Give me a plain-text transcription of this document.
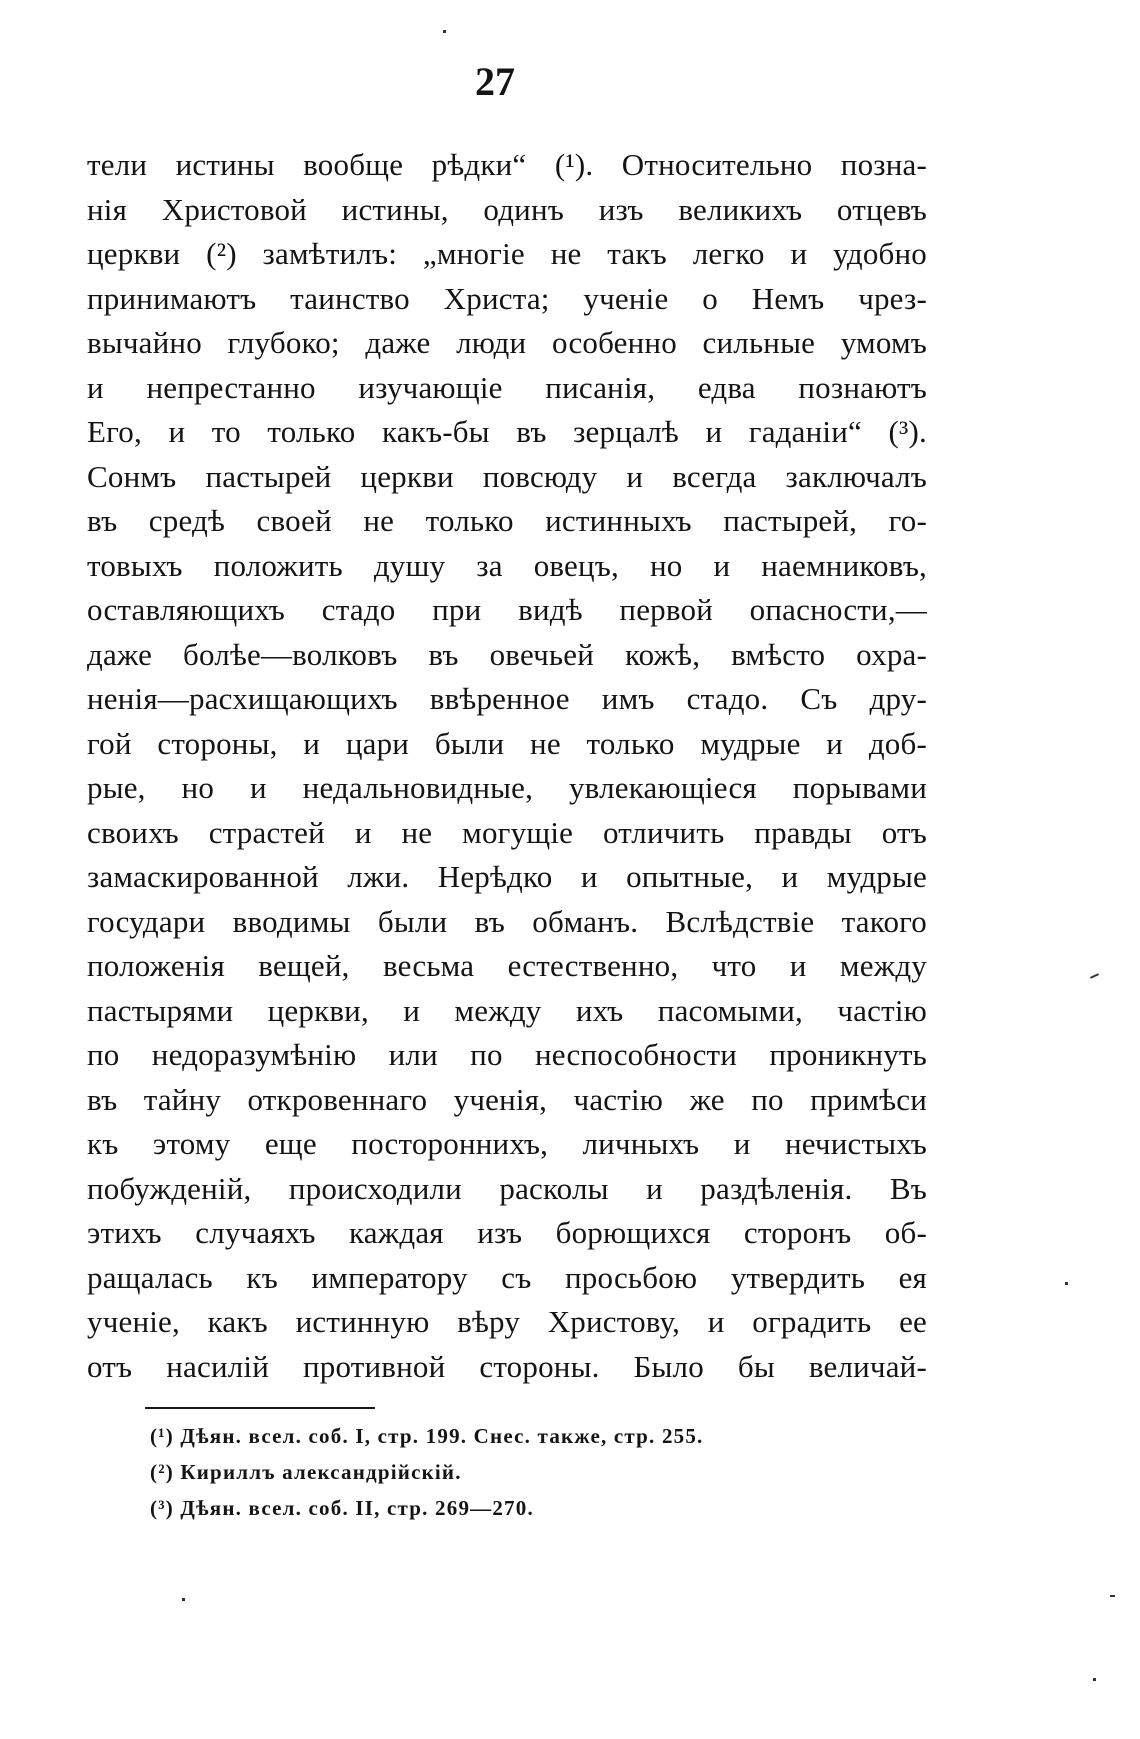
27
тели истины вообще рѣдки“ (¹). Относительно позна-
нія Христовой истины, одинъ изъ великихъ отцевъ
церкви (²) замѣтилъ: „многіе не такъ легко и удобно
принимаютъ таинство Христа; ученіе о Немъ чрез-
вычайно глубоко; даже люди особенно сильные умомъ
и непрестанно изучающіе писанія, едва познаютъ
Его, и то только какъ-бы въ зерцалѣ и гаданіи“ (³).
Сонмъ пастырей церкви повсюду и всегда заключалъ
въ средѣ своей не только истинныхъ пастырей, го-
товыхъ положить душу за овецъ, но и наемниковъ,
оставляющихъ стадо при видѣ первой опасности,—
даже болѣе—волковъ въ овечьей кожѣ, вмѣсто охра-
ненія—расхищающихъ ввѣренное имъ стадо. Съ дру-
гой стороны, и цари были не только мудрые и доб-
рые, но и недальновидные, увлекающіеся порывами
своихъ страстей и не могущіе отличить правды отъ
замаскированной лжи. Нерѣдко и опытные, и мудрые
государи вводимы были въ обманъ. Вслѣдствіе такого
положенія вещей, весьма естественно, что и между
пастырями церкви, и между ихъ пасомыми, частію
по недоразумѣнію или по неспособности проникнуть
въ тайну откровеннаго ученія, частію же по примѣси
къ этому еще постороннихъ, личныхъ и нечистыхъ
побужденій, происходили расколы и раздѣленія. Въ
этихъ случаяхъ каждая изъ борющихся сторонъ об-
ращалась къ императору съ просьбою утвердить ея
ученіе, какъ истинную вѣру Христову, и оградить ее
отъ насилій противной стороны. Было бы величай-
(¹) Дѣян. всел. соб. I, стр. 199. Снес. также, стр. 255.
(²) Кириллъ александрійскій.
(³) Дѣян. всел. соб. II, стр. 269—270.
